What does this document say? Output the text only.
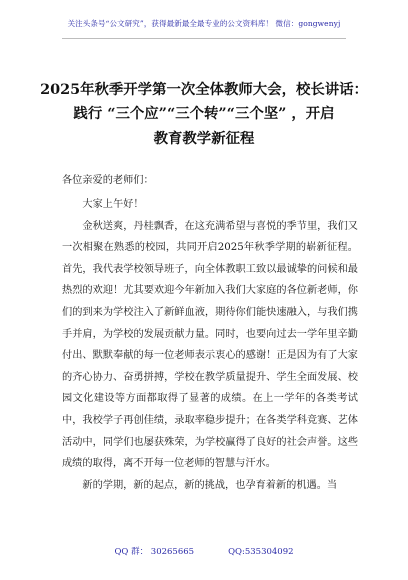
关注头条号“公文研究”，获得最新最全最专业的公文资料库！ 微信：gongwenyj
2025年秋季开学第一次全体教师大会，校长讲话：
践行 “三个应”“三个转”“三个坚” ，开启
教育教学新征程
各位亲爱的老师们：

大家上午好！

金秋送爽，丹桂飘香，在这充满希望与喜悦的季节里，我们又一次相聚在熟悉的校园，共同开启2025年秋季学期的崭新征程。首先，我代表学校领导班子，向全体教职工致以最诚挚的问候和最热烈的欢迎！尤其要欢迎今年新加入我们大家庭的各位新老师，你们的到来为学校注入了新鲜血液，期待你们能快速融入，与我们携手并肩，为学校的发展贡献力量。同时，也要向过去一学年里辛勤付出、默默奉献的每一位老师表示衷心的感谢！正是因为有了大家的齐心协力、奋勇拼搏，学校在教学质量提升、学生全面发展、校园文化建设等方面都取得了显著的成绩。在上一学年的各类考试中，我校学子再创佳绩，录取率稳步提升；在各类学科竞赛、艺体活动中，同学们也屡获殊荣，为学校赢得了良好的社会声誉。这些成绩的取得，离不开每一位老师的智慧与汗水。

新的学期，新的起点，新的挑战，也孕育着新的机遇。当

QQ 群： 30265665	QQ:535304092
